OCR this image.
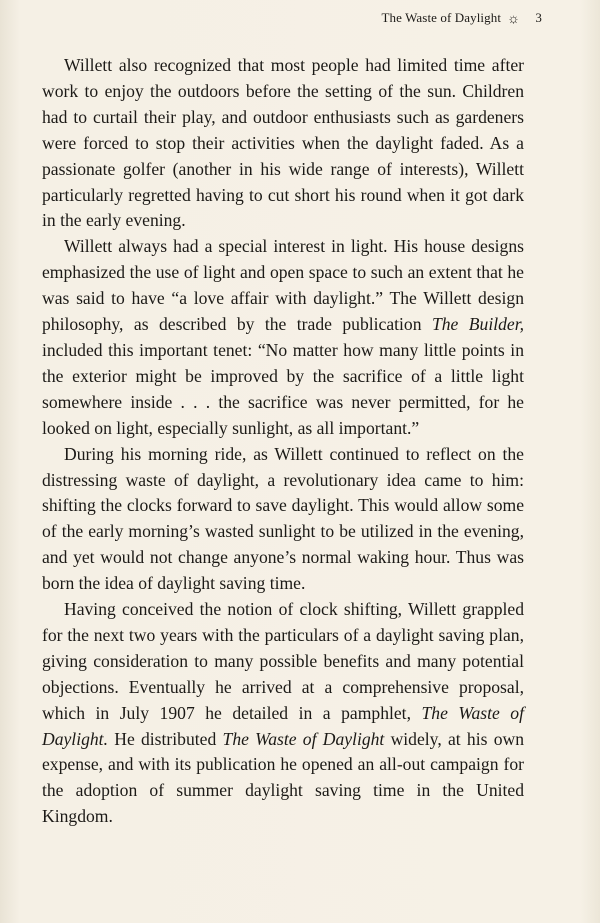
The Waste of Daylight ☼ 3

Willett also recognized that most people had limited time after work to enjoy the outdoors before the setting of the sun. Children had to curtail their play, and outdoor enthusiasts such as gardeners were forced to stop their activities when the daylight faded. As a passionate golfer (another in his wide range of interests), Willett particularly regretted having to cut short his round when it got dark in the early evening.

Willett always had a special interest in light. His house designs emphasized the use of light and open space to such an extent that he was said to have “a love affair with daylight.” The Willett design philosophy, as described by the trade publication The Builder, included this important tenet: “No matter how many little points in the exterior might be improved by the sacrifice of a little light somewhere inside . . . the sacrifice was never permitted, for he looked on light, especially sunlight, as all important.”

During his morning ride, as Willett continued to reflect on the distressing waste of daylight, a revolutionary idea came to him: shifting the clocks forward to save daylight. This would allow some of the early morning’s wasted sunlight to be utilized in the evening, and yet would not change anyone’s normal waking hour. Thus was born the idea of daylight saving time.

Having conceived the notion of clock shifting, Willett grappled for the next two years with the particulars of a daylight saving plan, giving consideration to many possible benefits and many potential objections. Eventually he arrived at a comprehensive proposal, which in July 1907 he detailed in a pamphlet, The Waste of Daylight. He distributed The Waste of Daylight widely, at his own expense, and with its publication he opened an all-out campaign for the adoption of summer daylight saving time in the United Kingdom.
